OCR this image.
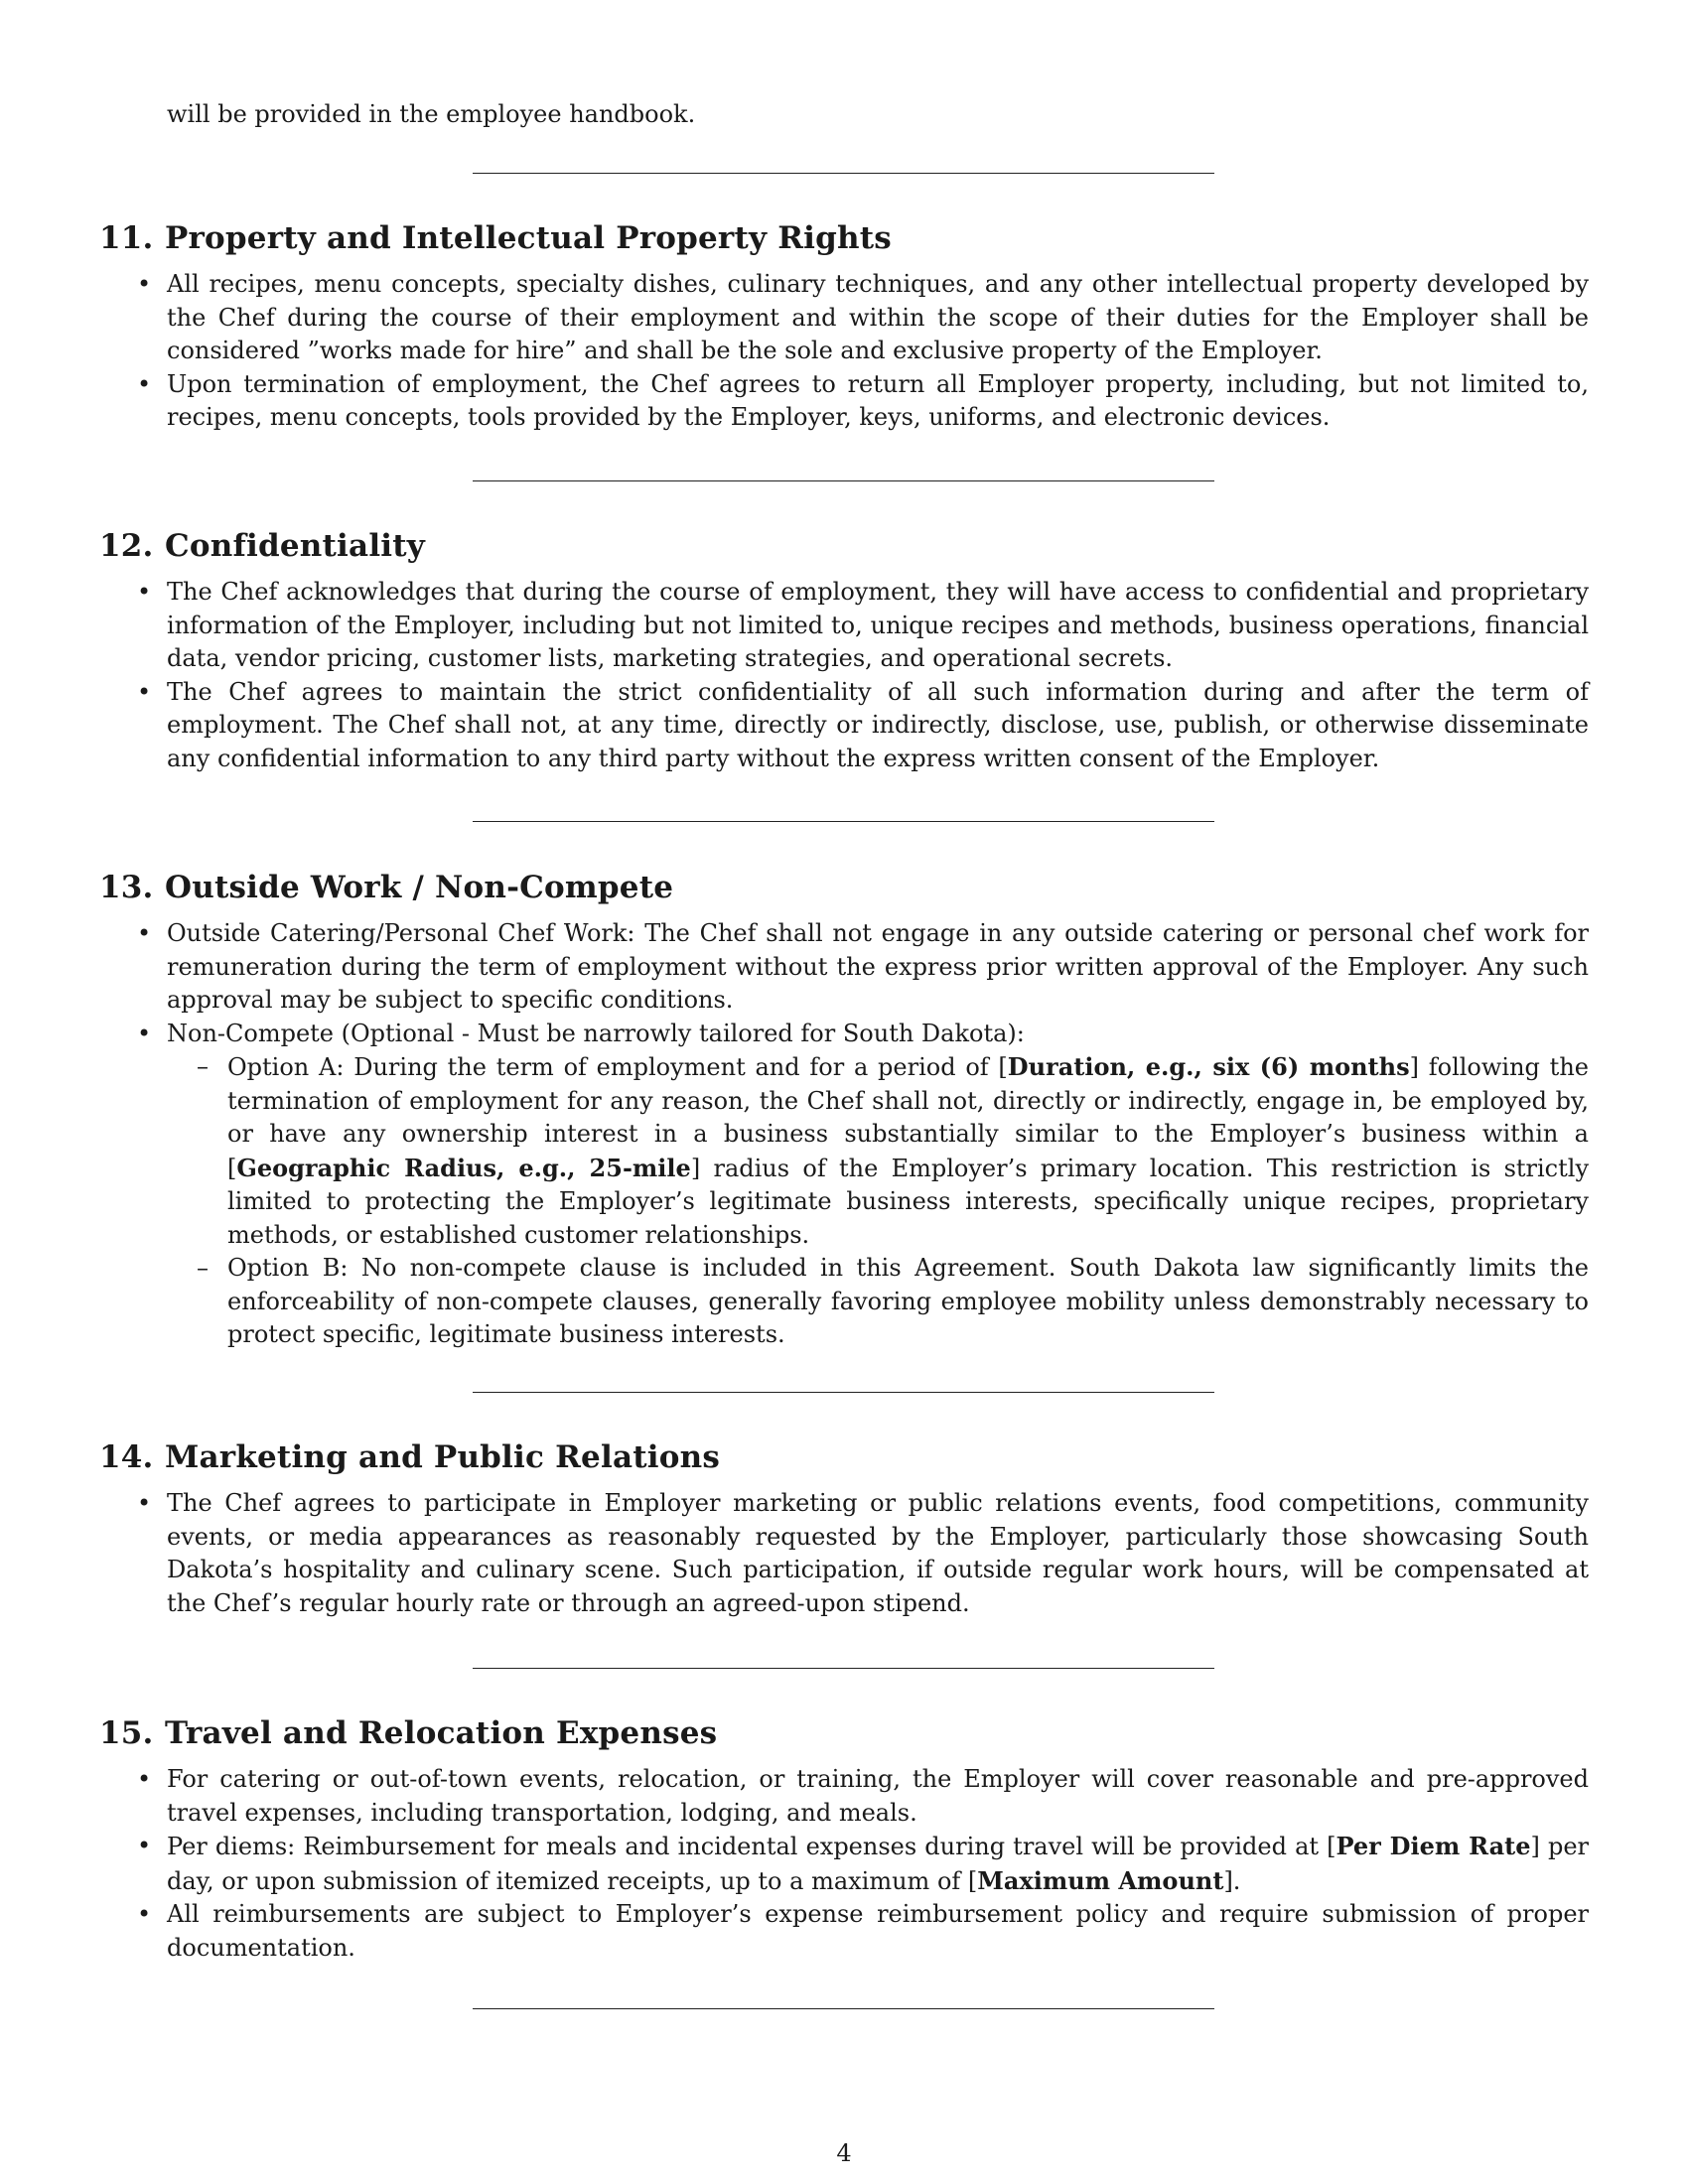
will be provided in the employee handbook.
11. Property and Intellectual Property Rights
• All recipes, menu concepts, specialty dishes, culinary techniques, and any other intellectual property developed by the Chef during the course of their employment and within the scope of their duties for the Employer shall be considered ”works made for hire” and shall be the sole and exclusive property of the Employer.
• Upon termination of employment, the Chef agrees to return all Employer property, including, but not limited to, recipes, menu concepts, tools provided by the Employer, keys, uniforms, and electronic devices.
12. Confidentiality
• The Chef acknowledges that during the course of employment, they will have access to confidential and proprietary information of the Employer, including but not limited to, unique recipes and methods, business operations, financial data, vendor pricing, customer lists, marketing strategies, and operational secrets.
• The Chef agrees to maintain the strict confidentiality of all such information during and after the term of employment. The Chef shall not, at any time, directly or indirectly, disclose, use, publish, or otherwise disseminate any confidential information to any third party without the express written consent of the Employer.
13. Outside Work / Non-Compete
• Outside Catering/Personal Chef Work: The Chef shall not engage in any outside catering or personal chef work for remuneration during the term of employment without the express prior written approval of the Employer. Any such approval may be subject to specific conditions.
• Non-Compete (Optional - Must be narrowly tailored for South Dakota):
– Option A: During the term of employment and for a period of [Duration, e.g., six (6) months] following the termination of employment for any reason, the Chef shall not, directly or indirectly, engage in, be employed by, or have any ownership interest in a business substantially similar to the Employer’s business within a [Geographic Radius, e.g., 25-mile] radius of the Employer’s primary location. This restriction is strictly limited to protecting the Employer’s legitimate business interests, specifically unique recipes, proprietary methods, or established customer relationships.
– Option B: No non-compete clause is included in this Agreement. South Dakota law significantly limits the enforceability of non-compete clauses, generally favoring employee mobility unless demonstrably necessary to protect specific, legitimate business interests.
14. Marketing and Public Relations
• The Chef agrees to participate in Employer marketing or public relations events, food competitions, community events, or media appearances as reasonably requested by the Employer, particularly those showcasing South Dakota’s hospitality and culinary scene. Such participation, if outside regular work hours, will be compensated at the Chef’s regular hourly rate or through an agreed-upon stipend.
15. Travel and Relocation Expenses
• For catering or out-of-town events, relocation, or training, the Employer will cover reasonable and pre-approved travel expenses, including transportation, lodging, and meals.
• Per diems: Reimbursement for meals and incidental expenses during travel will be provided at [Per Diem Rate] per day, or upon submission of itemized receipts, up to a maximum of [Maximum Amount].
• All reimbursements are subject to Employer’s expense reimbursement policy and require submission of proper documentation.
4
